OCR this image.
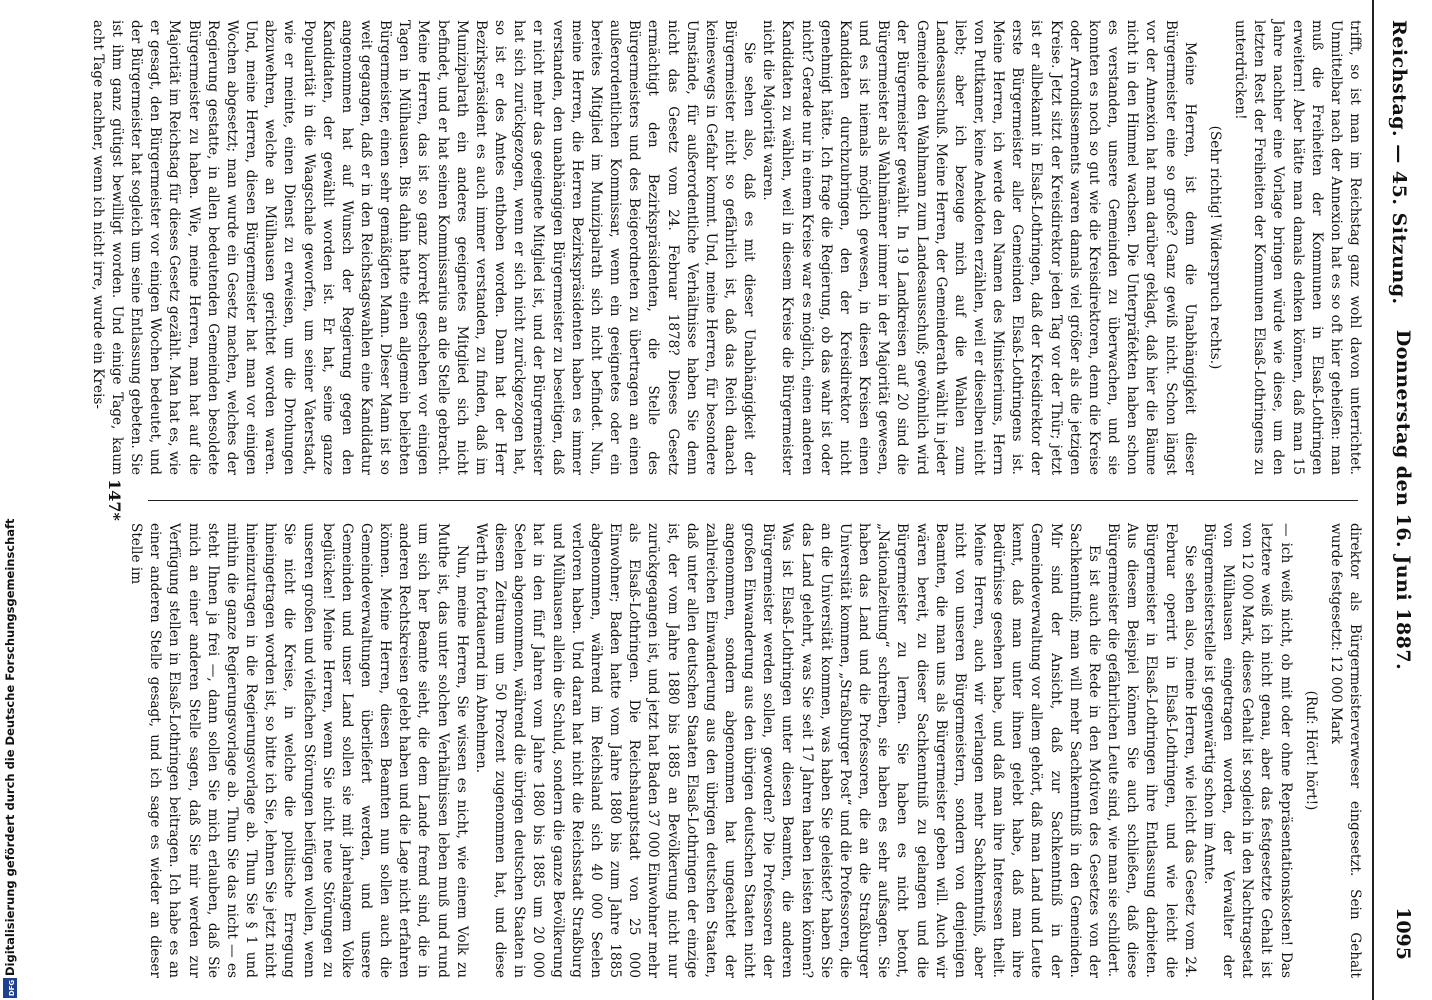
Reichstag. — 45. Sitzung.
Donnerstag den 16. Juni 1887.
1095

trifft, so ist man im Reichstag ganz wohl davon unterrichtet. Unmittelbar nach der Annexion hat es so oft hier geheißen: man muß die Freiheiten der Kommunen in Elsaß-Lothringen erweitern! Aber hätte man damals denken können, daß man 15 Jahre nachher eine Vorlage bringen würde wie diese, um den letzten Rest der Freiheiten der Kommunen Elsaß-Lothringens zu unterdrücken!

(Sehr richtig! Widerspruch rechts.)

Meine Herren, ist denn die Unabhängigkeit dieser Bürgermeister eine so große? Ganz gewiß nicht. Schon längst vor der Annexion hat man darüber geklagt, daß hier die Bäume nicht in den Himmel wachsen. Die Unterpräfekten haben schon es verstanden, unsere Gemeinden zu überwachen, und sie konnten es noch so gut wie die Kreisdirektoren, denn die Kreise oder Arrondissements waren damals viel größer als die jetzigen Kreise. Jetzt sitzt der Kreisdirektor jeden Tag vor der Thür; jetzt ist er allbekannt in Elsaß-Lothringen, daß der Kreisdirektor der erste Bürgermeister aller Gemeinden Elsaß-Lothringens ist. Meine Herren, ich werde den Namen des Ministeriums, Herrn von Puttkamer, keine Anekdoten erzählen, weil er dieselben nicht liebt; aber ich bezeuge mich auf die Wahlen zum Landesausschuß. Meine Herren, der Gemeinderath wählt in jeder Gemeinde den Wahlmann zum Landesausschuß; gewöhnlich wird der Bürgermeister gewählt. In 19 Landkreisen auf 20 sind die Bürgermeister als Wahlmänner immer in der Majorität gewesen, und es ist niemals möglich gewesen, in diesen Kreisen einen Kandidaten durchzubringen, den der Kreisdirektor nicht genehmigt hätte. Ich frage die Regierung, ob das wahr ist oder nicht? Gerade nur in einem Kreise war es möglich, einen anderen Kandidaten zu wählen, weil in diesem Kreise die Bürgermeister nicht die Majorität waren.

Sie sehen also, daß es mit dieser Unabhängigkeit der Bürgermeister nicht so gefährlich ist, daß das Reich danach keineswegs in Gefahr kommt. Und, meine Herren, für besondere Umstände, für außerordentliche Verhältnisse haben Sie denn nicht das Gesetz vom 24. Februar 1878? Dieses Gesetz ermächtigt den Bezirkspräsidenten, die Stelle des Bürgermeisters und des Beigeordneten zu übertragen an einen außerordentlichen Kommissar, wenn ein geeignetes oder ein bereites Mitglied im Munizipalrath sich nicht befindet. Nun, meine Herren, die Herren Bezirkspräsidenten haben es immer verstanden, den unabhängigen Bürgermeister zu beseitigen, daß er nicht mehr das geeignete Mitglied ist, und der Bürgermeister hat sich zurückgezogen, wenn er sich nicht zurückgezogen hat, so ist er des Amtes enthoben worden. Dann hat der Herr Bezirkspräsident es auch immer verstanden, zu finden, daß im Munizipalrath ein anderes geeignetes Mitglied sich nicht befindet, und er hat seinen Kommissarius an die Stelle gebracht. Meine Herren, das ist so ganz korrekt geschehen vor einigen Tagen in Mülhausen. Bis dahin hatte einen allgemein beliebten Bürgermeister, einen sehr gemäßigten Mann. Dieser Mann ist so weit gegangen, daß er in den Reichstagswahlen eine Kandidatur angenommen hat auf Wunsch der Regierung gegen den Kandidaten, der gewählt worden ist. Er hat, seine ganze Popularität in die Waagschale geworfen, um seiner Vaterstadt, wie er meinte, einen Dienst zu erweisen, um die Drohungen abzuwehren, welche an Mülhausen gerichtet worden waren. Und, meine Herren, diesen Bürgermeister hat man vor einigen Wochen abgesetzt; man wurde ein Gesetz machen, welches der Regierung gestatte, in allen bedeutenden Gemeinden besoldete Bürgermeister zu haben. Wie, meine Herren, man hat auf die Majorität im Reichstag für dieses Gesetz gezählt. Man hat es, wie er gesagt, den Bürgermeister vor einigen Wochen bedeutet, und der Bürgermeister hat sogleich um seine Entlassung gebeten. Sie ist ihm ganz gütigst bewilligt worden. Und einige Tage, kaum acht Tage nachher, wenn ich nicht irre, wurde ein Kreis-

direktor als Bürgermeisterverweser eingesetzt. Sein Gehalt wurde festgesetzt: 12 000 Mark

(Ruf: Hört! hört!)

— ich weiß nicht, ob mit oder ohne Repräsentationskosten! Das letztere weiß ich nicht genau, aber das festgesetzte Gehalt ist von 12 000 Mark, dieses Gehalt ist sogleich in den Nachtragsetat von Mülhausen eingetragen worden, der Verwalter der Bürgermeisterstelle ist gegenwärtig schon im Amte.

Sie sehen also, meine Herren, wie leicht das Gesetz vom 24. Februar operirt in Elsaß-Lothringen, und wie leicht die Bürgermeister in Elsaß-Lothringen ihre Entlassung darbieten. Aus diesem Beispiel können Sie auch schließen, daß diese Bürgermeister die gefährlichen Leute sind, wie man sie schildert.

Es ist auch die Rede in den Motiven des Gesetzes von der Sachkenntniß; man will mehr Sachkenntniß in den Gemeinden. Mir sind der Ansicht, daß zur Sachkenntniß in der Gemeindeverwaltung vor allem gehört, daß man Land und Leute kennt, daß man unter ihnen gelebt habe, daß man ihre Bedürfnisse gesehen habe, und daß man ihre Interessen theilt. Meine Herren, auch wir verlangen mehr Sachkenntniß, aber nicht von unseren Bürgermeistern, sondern von denjenigen Beamten, die man uns als Bürgermeister geben will. Auch wir wären bereit, zu dieser Sachkenntniß zu gelangen und die Bürgermeister zu lernen. Sie haben es nicht betont, „Nationalzeitung“ schreiben, sie haben es sehr aufsagen. Sie haben das Land und die Professoren, die an die Straßburger Universität kommen, „Straßburger Post“ und die Professoren, die an die Universität kommen, was haben Sie geleistet? haben Sie das Land gelehrt, was Sie seit 17 Jahren haben leisten können? Was ist Elsaß-Lothringen unter diesen Beamten, die anderen Bürgermeister werden sollen, geworden? Die Professoren der großen Einwanderung aus den übrigen deutschen Staaten nicht angenommen, sondern abgenommen hat ungeachtet der zahlreichen Einwanderung aus den übrigen deutschen Staaten, daß unter allen deutschen Staaten Elsaß-Lothringen der einzige ist, der vom Jahre 1880 bis 1885 an Bevölkerung nicht nur zurückgegangen ist, und jetzt hat Baden 37 000 Einwohner mehr als Elsaß-Lothringen. Die Reichshauptstadt von 25 000 Einwohner; Baden hatte vom Jahre 1880 bis zum Jahre 1885 abgenommen, während im Reichsland sich 40 000 Seelen verloren haben. Und daran hat nicht die Reichsstadt Straßburg und Mülhausen allein die Schuld, sondern die ganze Bevölkerung hat in den fünf Jahren vom Jahre 1880 bis 1885 um 20 000 Seelen abgenommen, während die übrigen deutschen Staaten in diesem Zeitraum um 50 Prozent zugenommen hat, und diese Werth in fortdauernd im Abnehmen.

Nun, meine Herren, Sie wissen es nicht, wie einem Volk zu Muthe ist, das unter solchen Verhältnissen leben muß und rund um sich her Beamte sieht, die dem Lande fremd sind, die in anderen Rechtskreisen gelebt haben und die Lage nicht erfahren können. Meine Herren, diesen Beamten nun sollen auch die Gemeindeverwaltungen überliefert werden, und unsere Gemeinden und unser Land sollen sie mit jahrelangem Volke beglücken! Meine Herren, wenn Sie nicht neue Störungen zu unseren großen und vielfachen Störungen beifügen wollen, wenn Sie nicht die Kreise, in welche die politische Erregung hineingetragen worden ist, so bitte ich Sie, lehnen Sie jetzt nicht hineinzutragen in die Regierungsvorlage ab. Thun Sie § 1 und mithin die ganze Regierungsvorlage ab. Thun Sie das nicht — es steht Ihnen ja frei —, dann sollen Sie mich erlauben, daß Sie mich an einer anderen Stelle sagen, daß Sie mir werden zur Verfügung stellen in Elsaß-Lothringen beitragen. Ich habe es an einer anderen Stelle gesagt, und ich sage es wieder an dieser Stelle im

147*
Digitalisierung gefördert durch die Deutsche Forschungsgemeinschaft
DFG
